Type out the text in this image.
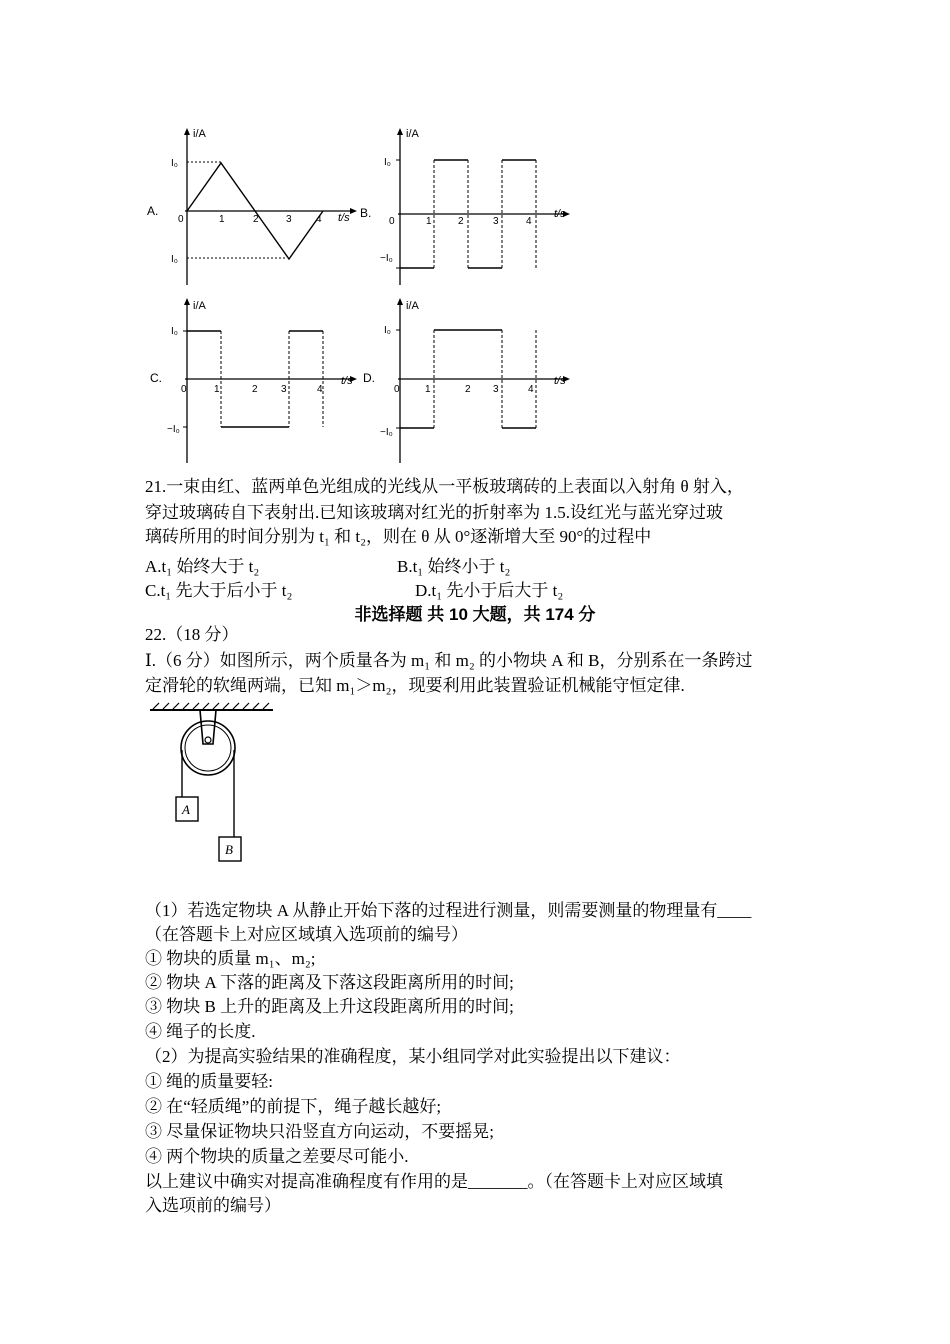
i/A
t/s
I₀
I₀
A.
0	1	2	3 4
i/A
t/s
I₀
−I₀
B.
0	1	2	3	4
i/A
t/s
I₀
−I₀
C.
0	1	2 3	4
i/A
t/s
I₀
−I₀
D.
0	1	2 3	4
21.一束由红、蓝两单色光组成的光线从一平板玻璃砖的上表面以入射角 θ 射入，
穿过玻璃砖自下表射出.已知该玻璃对红光的折射率为 1.5.设红光与蓝光穿过玻
璃砖所用的时间分别为 t₁ 和 t₂，则在 θ 从 0°逐渐增大至 90°的过程中
A.t₁ 始终大于 t₂	B.t₁ 始终小于 t₂
C.t₁ 先大于后小于 t₂	D.t₁ 先小于后大于 t₂
非选择题 共 10 大题，共 174 分
22.（18 分）
Ⅰ.（6 分）如图所示，两个质量各为 m₁ 和 m₂ 的小物块 A 和 B，分别系在一条跨过
定滑轮的软绳两端，已知 m₁＞m₂，现要利用此装置验证机械能守恒定律.
A
B
（1）若选定物块 A 从静止开始下落的过程进行测量，则需要测量的物理量有____
（在答题卡上对应区域填入选项前的编号）
① 物块的质量 m₁、m₂;
② 物块 A 下落的距离及下落这段距离所用的时间;
③ 物块 B 上升的距离及上升这段距离所用的时间;
④ 绳子的长度.
（2）为提高实验结果的准确程度，某小组同学对此实验提出以下建议：
① 绳的质量要轻:
② 在“轻质绳”的前提下，绳子越长越好;
③ 尽量保证物块只沿竖直方向运动，不要摇晃;
④ 两个物块的质量之差要尽可能小.
以上建议中确实对提高准确程度有作用的是_______。（在答题卡上对应区域填
入选项前的编号）
